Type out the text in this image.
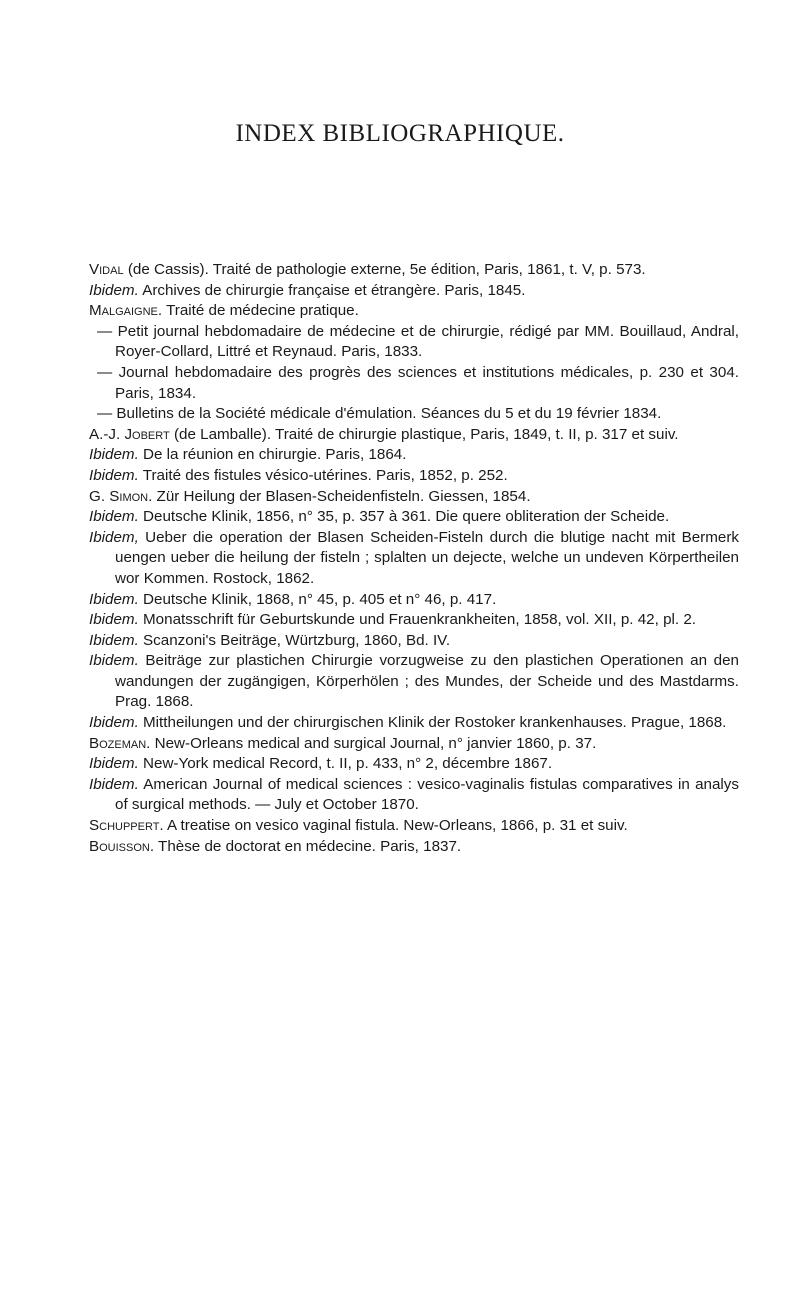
INDEX BIBLIOGRAPHIQUE.

Vidal (de Cassis). Traité de pathologie externe, 5e édition, Paris, 1861, t. V, p. 573.

Ibidem. Archives de chirurgie française et étrangère. Paris, 1845.

Malgaigne. Traité de médecine pratique.

— Petit journal hebdomadaire de médecine et de chirurgie, rédigé par MM. Bouillaud, Andral, Royer-Collard, Littré et Reynaud. Paris, 1833.

— Journal hebdomadaire des progrès des sciences et institutions médicales, p. 230 et 304. Paris, 1834.

— Bulletins de la Société médicale d'émulation. Séances du 5 et du 19 février 1834.

A.-J. Jobert (de Lamballe). Traité de chirurgie plastique, Paris, 1849, t. II, p. 317 et suiv.

Ibidem. De la réunion en chirurgie. Paris, 1864.

Ibidem. Traité des fistules vésico-utérines. Paris, 1852, p. 252.

G. Simon. Zür Heilung der Blasen-Scheidenfisteln. Giessen, 1854.

Ibidem. Deutsche Klinik, 1856, n° 35, p. 357 à 361. Die quere obliteration der Scheide.

Ibidem, Ueber die operation der Blasen Scheiden-Fisteln durch die blutige nacht mit Bermerk uengen ueber die heilung der fisteln ; splalten un dejecte, welche un undeven Körpertheilen wor Kommen. Rostock, 1862.

Ibidem. Deutsche Klinik, 1868, n° 45, p. 405 et n° 46, p. 417.

Ibidem. Monatsschrift für Geburtskunde und Frauenkrankheiten, 1858, vol. XII, p. 42, pl. 2.

Ibidem. Scanzoni's Beiträge, Würtzburg, 1860, Bd. IV.

Ibidem. Beiträge zur plastichen Chirurgie vorzugweise zu den plastichen Operationen an den wandungen der zugängigen, Körperhölen ; des Mundes, der Scheide und des Mastdarms. Prag. 1868.

Ibidem. Mittheilungen und der chirurgischen Klinik der Rostoker krankenhauses. Prague, 1868.

Bozeman. New-Orleans medical and surgical Journal, n° janvier 1860, p. 37.

Ibidem. New-York medical Record, t. II, p. 433, n° 2, décembre 1867.

Ibidem. American Journal of medical sciences : vesico-vaginalis fistulas comparatives in analys of surgical methods. — July et October 1870.

Schuppert. A treatise on vesico vaginal fistula. New-Orleans, 1866, p. 31 et suiv.

Bouisson. Thèse de doctorat en médecine. Paris, 1837.
